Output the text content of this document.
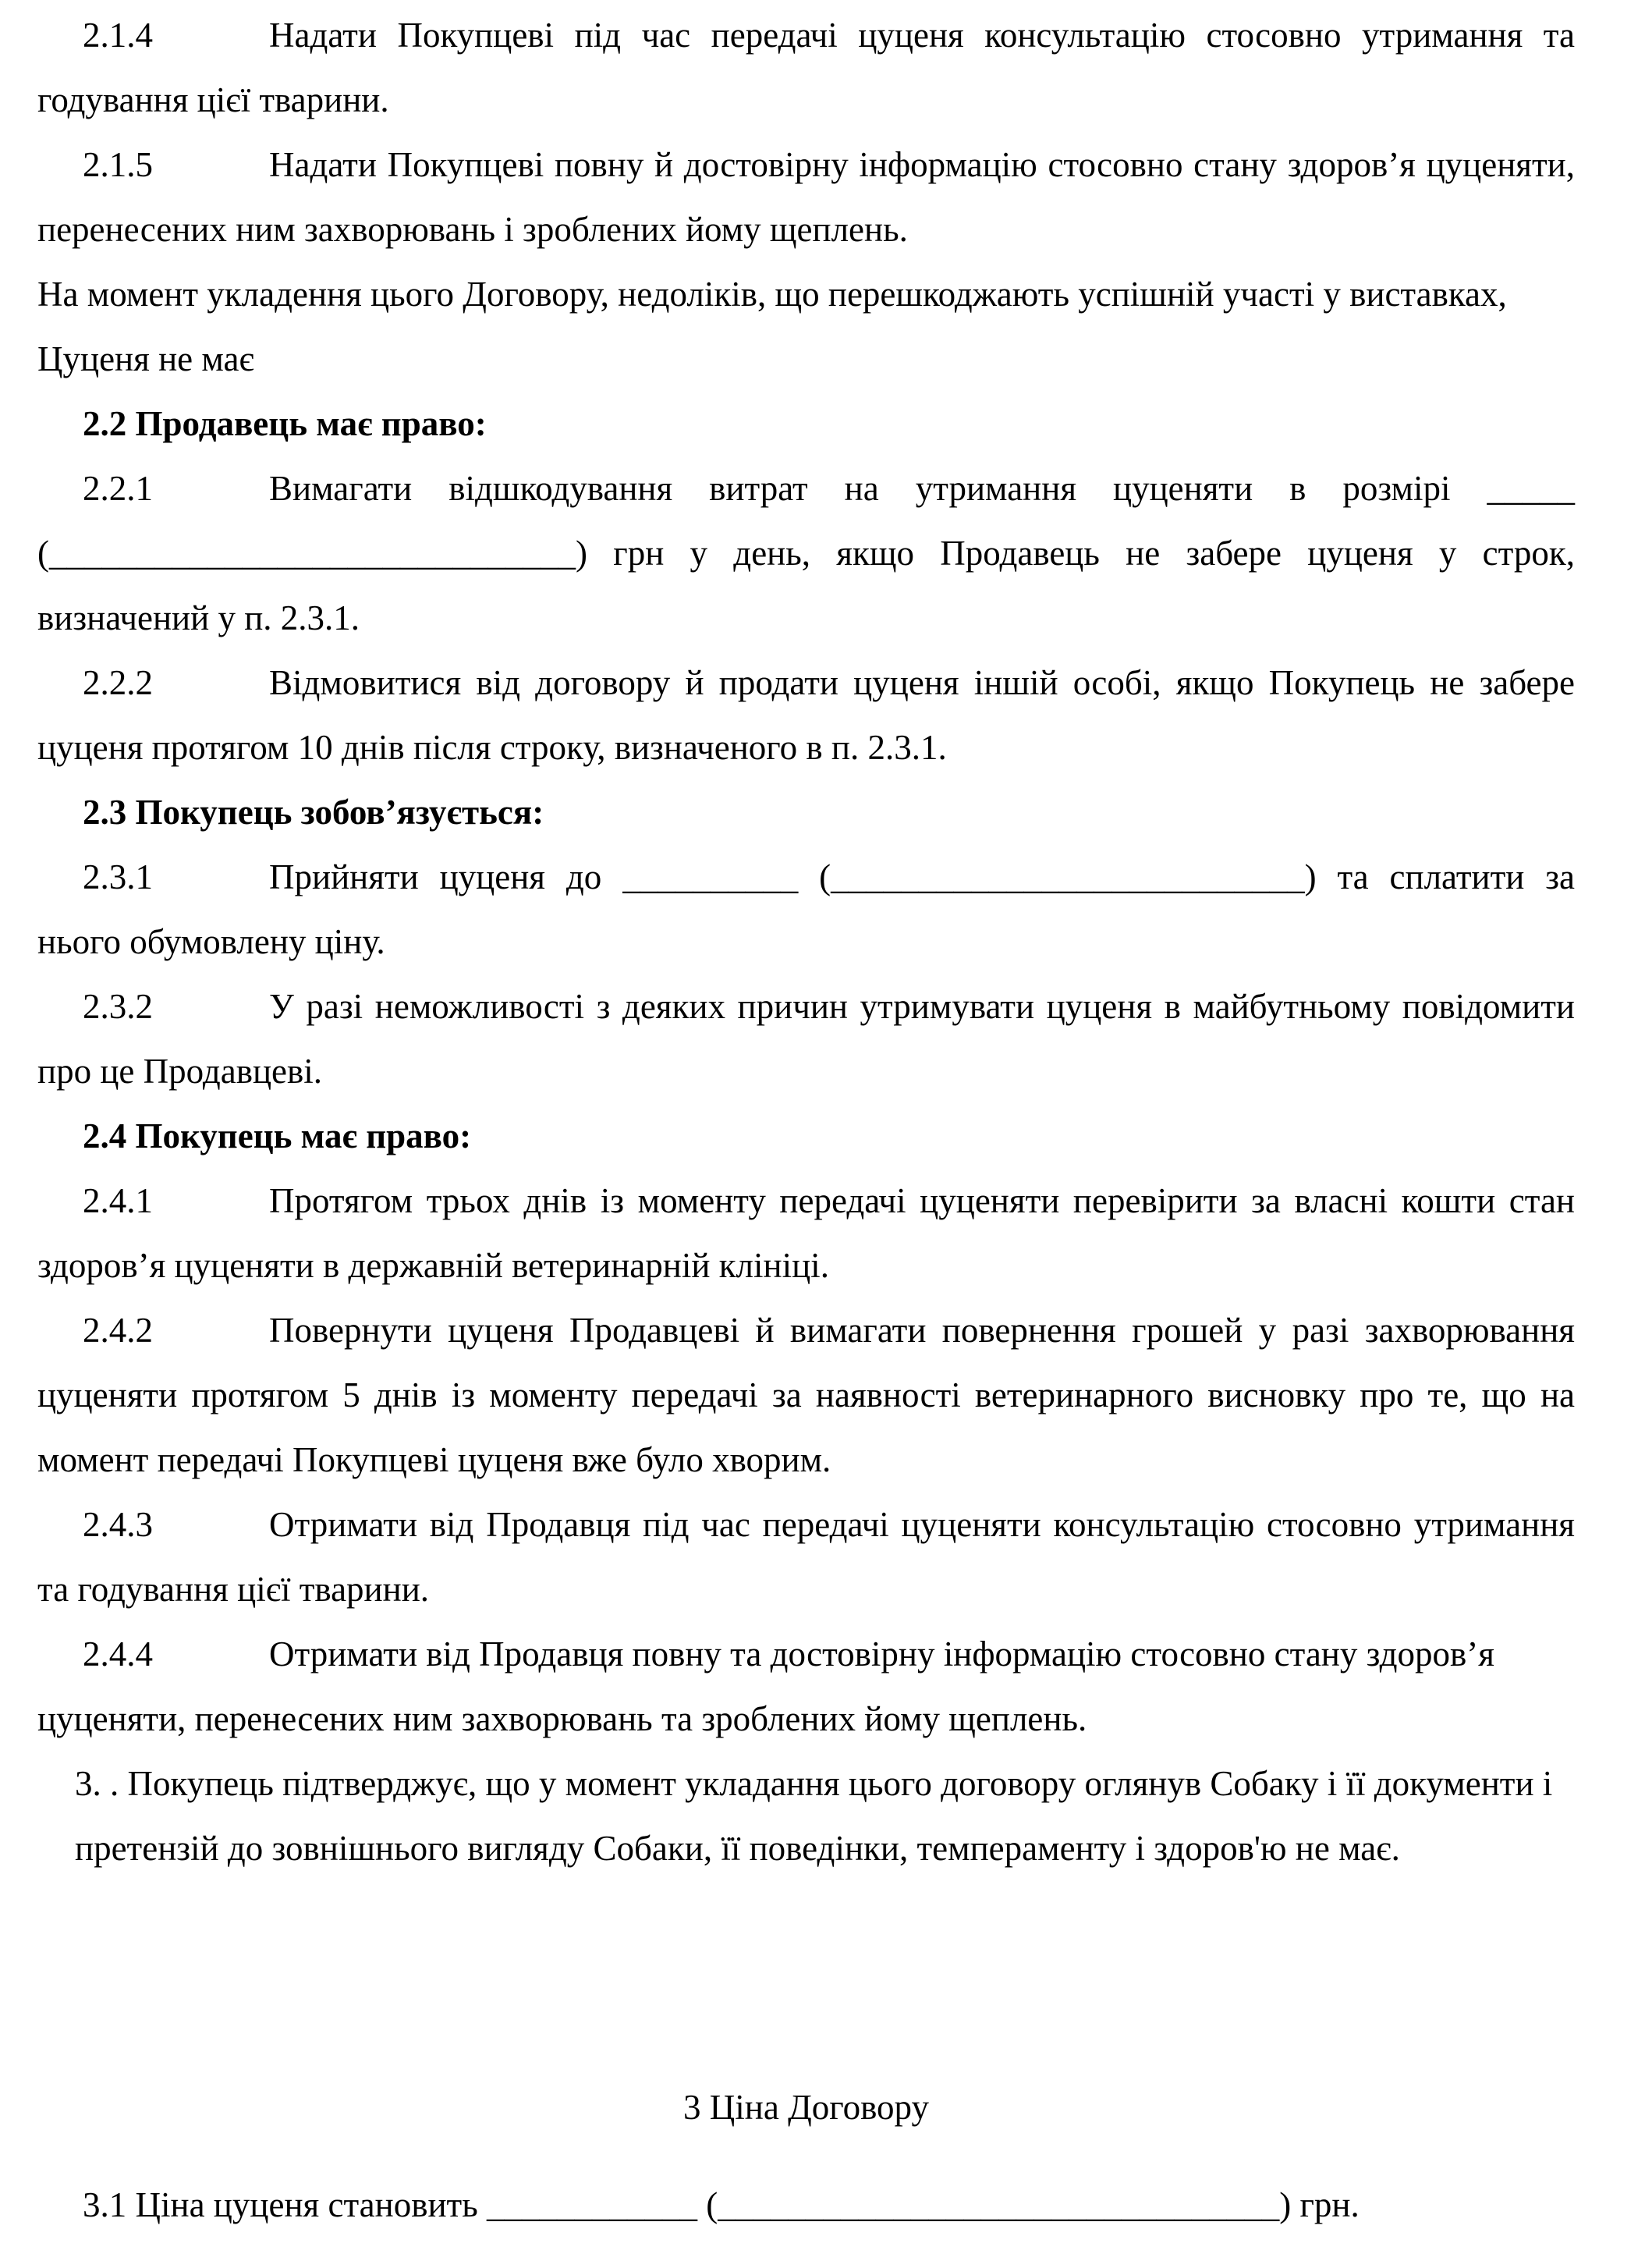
2.1.4	Надати Покупцеві під час передачі цуценя консультацію стосовно утримання та годування цієї тварини.

2.1.5	Надати Покупцеві повну й достовірну інформацію стосовно стану здоров’я цуценяти, перенесених ним захворювань і зроблених йому щеплень.

На момент укладення цього Договору, недоліків, що перешкоджають успішній участі у виставках, Цуценя не має

2.2 Продавець має право:

2.2.1	Вимагати відшкодування витрат на утримання цуценяти в розмірі _____ (______________________________) грн у день, якщо Продавець не забере цуценя у строк, визначений у п. 2.3.1.

2.2.2	Відмовитися від договору й продати цуценя іншій особі, якщо Покупець не забере цуценя протягом 10 днів після строку, визначеного в п. 2.3.1.

2.3 Покупець зобов’язується:

2.3.1	Прийняти цуценя до __________ (___________________________) та сплатити за нього обумовлену ціну.

2.3.2	У разі неможливості з деяких причин утримувати цуценя в майбутньому повідомити про це Продавцеві.

2.4 Покупець має право:

2.4.1	Протягом трьох днів із моменту передачі цуценяти перевірити за власні кошти стан здоров’я цуценяти в державній ветеринарній клініці.

2.4.2	Повернути цуценя Продавцеві й вимагати повернення грошей у разі захворювання цуценяти протягом 5 днів із моменту передачі за наявності ветеринарного висновку про те, що на момент передачі Покупцеві цуценя вже було хворим.

2.4.3	Отримати від Продавця під час передачі цуценяти консультацію стосовно утримання та годування цієї тварини.

2.4.4	Отримати від Продавця повну та достовірну інформацію стосовно стану здоров’я цуценяти, перенесених ним захворювань та зроблених йому щеплень.

3. . Покупець підтверджує, що у момент укладання цього договору оглянув Собаку і її документи і претензій до зовнішнього вигляду Собаки, її поведінки, темпераменту і здоров'ю не має.

3 Ціна Договору

3.1 Ціна цуценя становить ____________ (________________________________) грн.
